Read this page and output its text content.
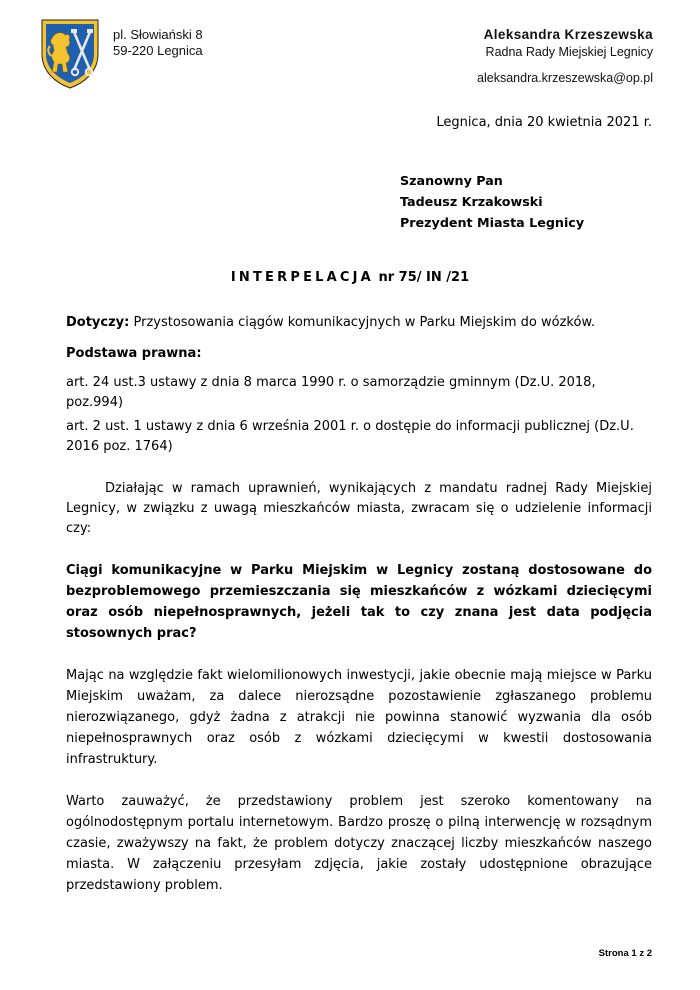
pl. Słowiański 8
59-220 Legnica
Aleksandra Krzeszewska
Radna Rady Miejskiej Legnicy
aleksandra.krzeszewska@op.pl
Legnica, dnia 20 kwietnia 2021 r.
Szanowny Pan
Tadeusz Krzakowski
Prezydent Miasta Legnicy
INTERPELACJA nr 75/ IN /21

Dotyczy: Przystosowania ciągów komunikacyjnych w Parku Miejskim do wózków.

Podstawa prawna:

art. 24 ust.3 ustawy z dnia 8 marca 1990 r. o samorządzie gminnym (Dz.U. 2018, poz.994)

art. 2 ust. 1 ustawy z dnia 6 września 2001 r. o dostępie do informacji publicznej (Dz.U. 2016 poz. 1764)

Działając w ramach uprawnień, wynikających z mandatu radnej Rady Miejskiej Legnicy, w związku z uwagą mieszkańców miasta, zwracam się o udzielenie informacji czy:

Ciągi komunikacyjne w Parku Miejskim w Legnicy zostaną dostosowane do bezproblemowego przemieszczania się mieszkańców z wózkami dziecięcymi oraz osób niepełnosprawnych, jeżeli tak to czy znana jest data podjęcia stosownych prac?

Mając na względzie fakt wielomilionowych inwestycji, jakie obecnie mają miejsce w Parku Miejskim uważam, za dalece nierozsądne pozostawienie zgłaszanego problemu nierozwiązanego, gdyż żadna z atrakcji nie powinna stanowić wyzwania dla osób niepełnosprawnych oraz osób z wózkami dziecięcymi w kwestii dostosowania infrastruktury.

Warto zauważyć, że przedstawiony problem jest szeroko komentowany na ogólnodostępnym portalu internetowym. Bardzo proszę o pilną interwencję w rozsądnym czasie, zważywszy na fakt, że problem dotyczy znaczącej liczby mieszkańców naszego miasta. W załączeniu przesyłam zdjęcia, jakie zostały udostępnione obrazujące przedstawiony problem.

Strona 1 z 2
